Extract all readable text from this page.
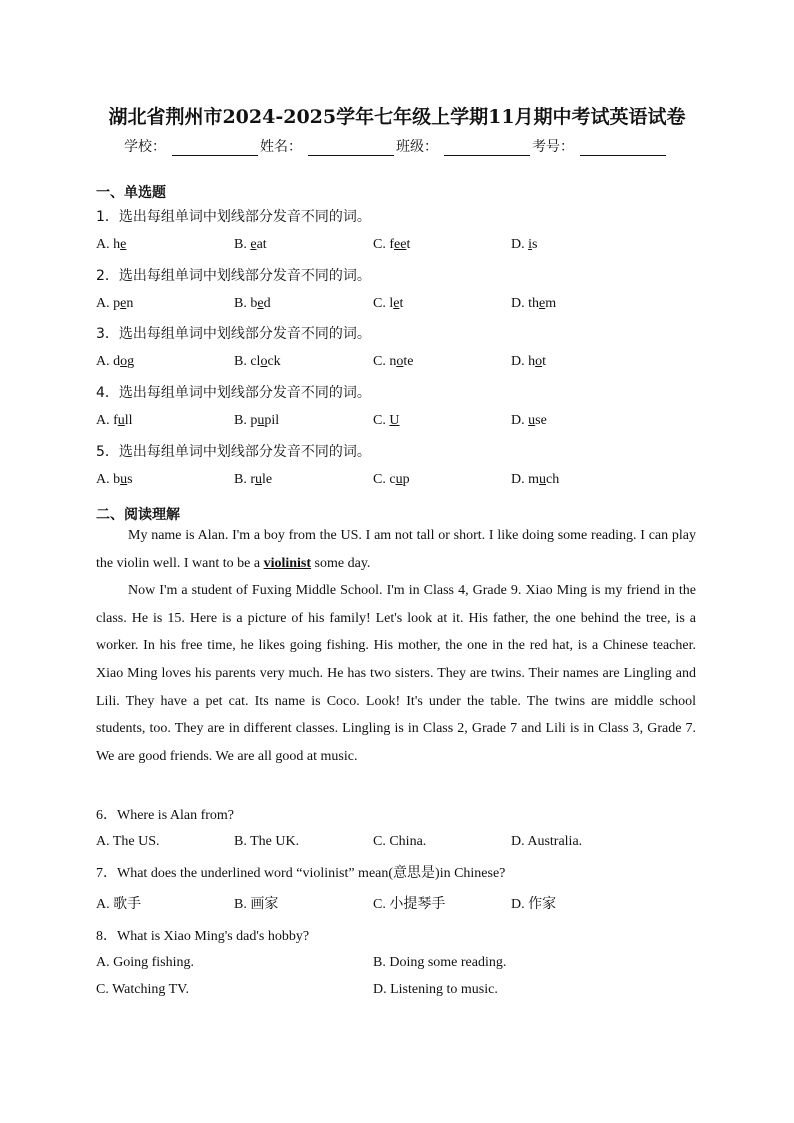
湖北省荆州市2024-2025学年七年级上学期11月期中考试英语试卷
学校：	姓名：	班级：	考号：
一、单选题
1．选出每组单词中划线部分发音不同的词。
A. he	B. eat	C. feet	D. is
2．选出每组单词中划线部分发音不同的词。
A. pen	B. bed	C. let	D. them
3．选出每组单词中划线部分发音不同的词。
A. dog	B. clock	C. note	D. hot
4．选出每组单词中划线部分发音不同的词。
A. full	B. pupil	C. U	D. use
5．选出每组单词中划线部分发音不同的词。
A. bus	B. rule	C. cup	D. much
二、阅读理解

My name is Alan. I'm a boy from the US. I am not tall or short. I like doing some reading. I can play the violin well. I want to be a violinist some day.

Now I'm a student of Fuxing Middle School. I'm in Class 4, Grade 9. Xiao Ming is my friend in the class. He is 15. Here is a picture of his family! Let's look at it. His father, the one behind the tree, is a worker. In his free time, he likes going fishing. His mother, the one in the red hat, is a Chinese teacher. Xiao Ming loves his parents very much. He has two sisters. They are twins. Their names are Lingling and Lili. They have a pet cat. Its name is Coco. Look! It's under the table. The twins are middle school students, too. They are in different classes. Lingling is in Class 2, Grade 7 and Lili is in Class 3, Grade 7. We are good friends. We are all good at music.

6．Where is Alan from?
A. The US.	B. The UK.	C. China.	D. Australia.
7．What does the underlined word “violinist” mean(意思是)in Chinese?
A. 歌手	B. 画家	C. 小提琴手	D. 作家
8．What is Xiao Ming's dad's hobby?
A. Going fishing.	B. Doing some reading.
C. Watching TV.	D. Listening to music.
